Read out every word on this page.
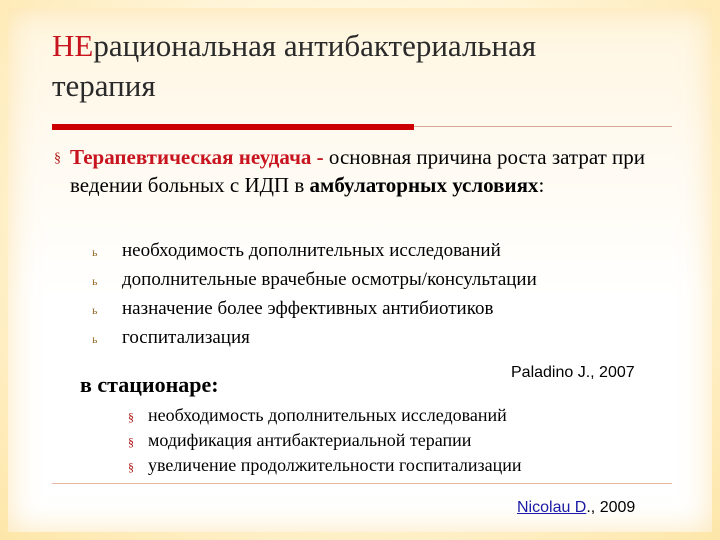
НЕрациональная антибактериальная
терапия
§ Терапевтическая неудача - основная причина роста затрат при ведении больных с ИДП в амбулаторных условиях:
ь необходимость дополнительных исследований
ь дополнительные врачебные осмотры/консультации
ь назначение более эффективных антибиотиков
ь госпитализация
Paladino J., 2007
в стационаре:
§ необходимость дополнительных исследований
§ модификация антибактериальной терапии
§ увеличение продолжительности госпитализации
Nicolau D., 2009
